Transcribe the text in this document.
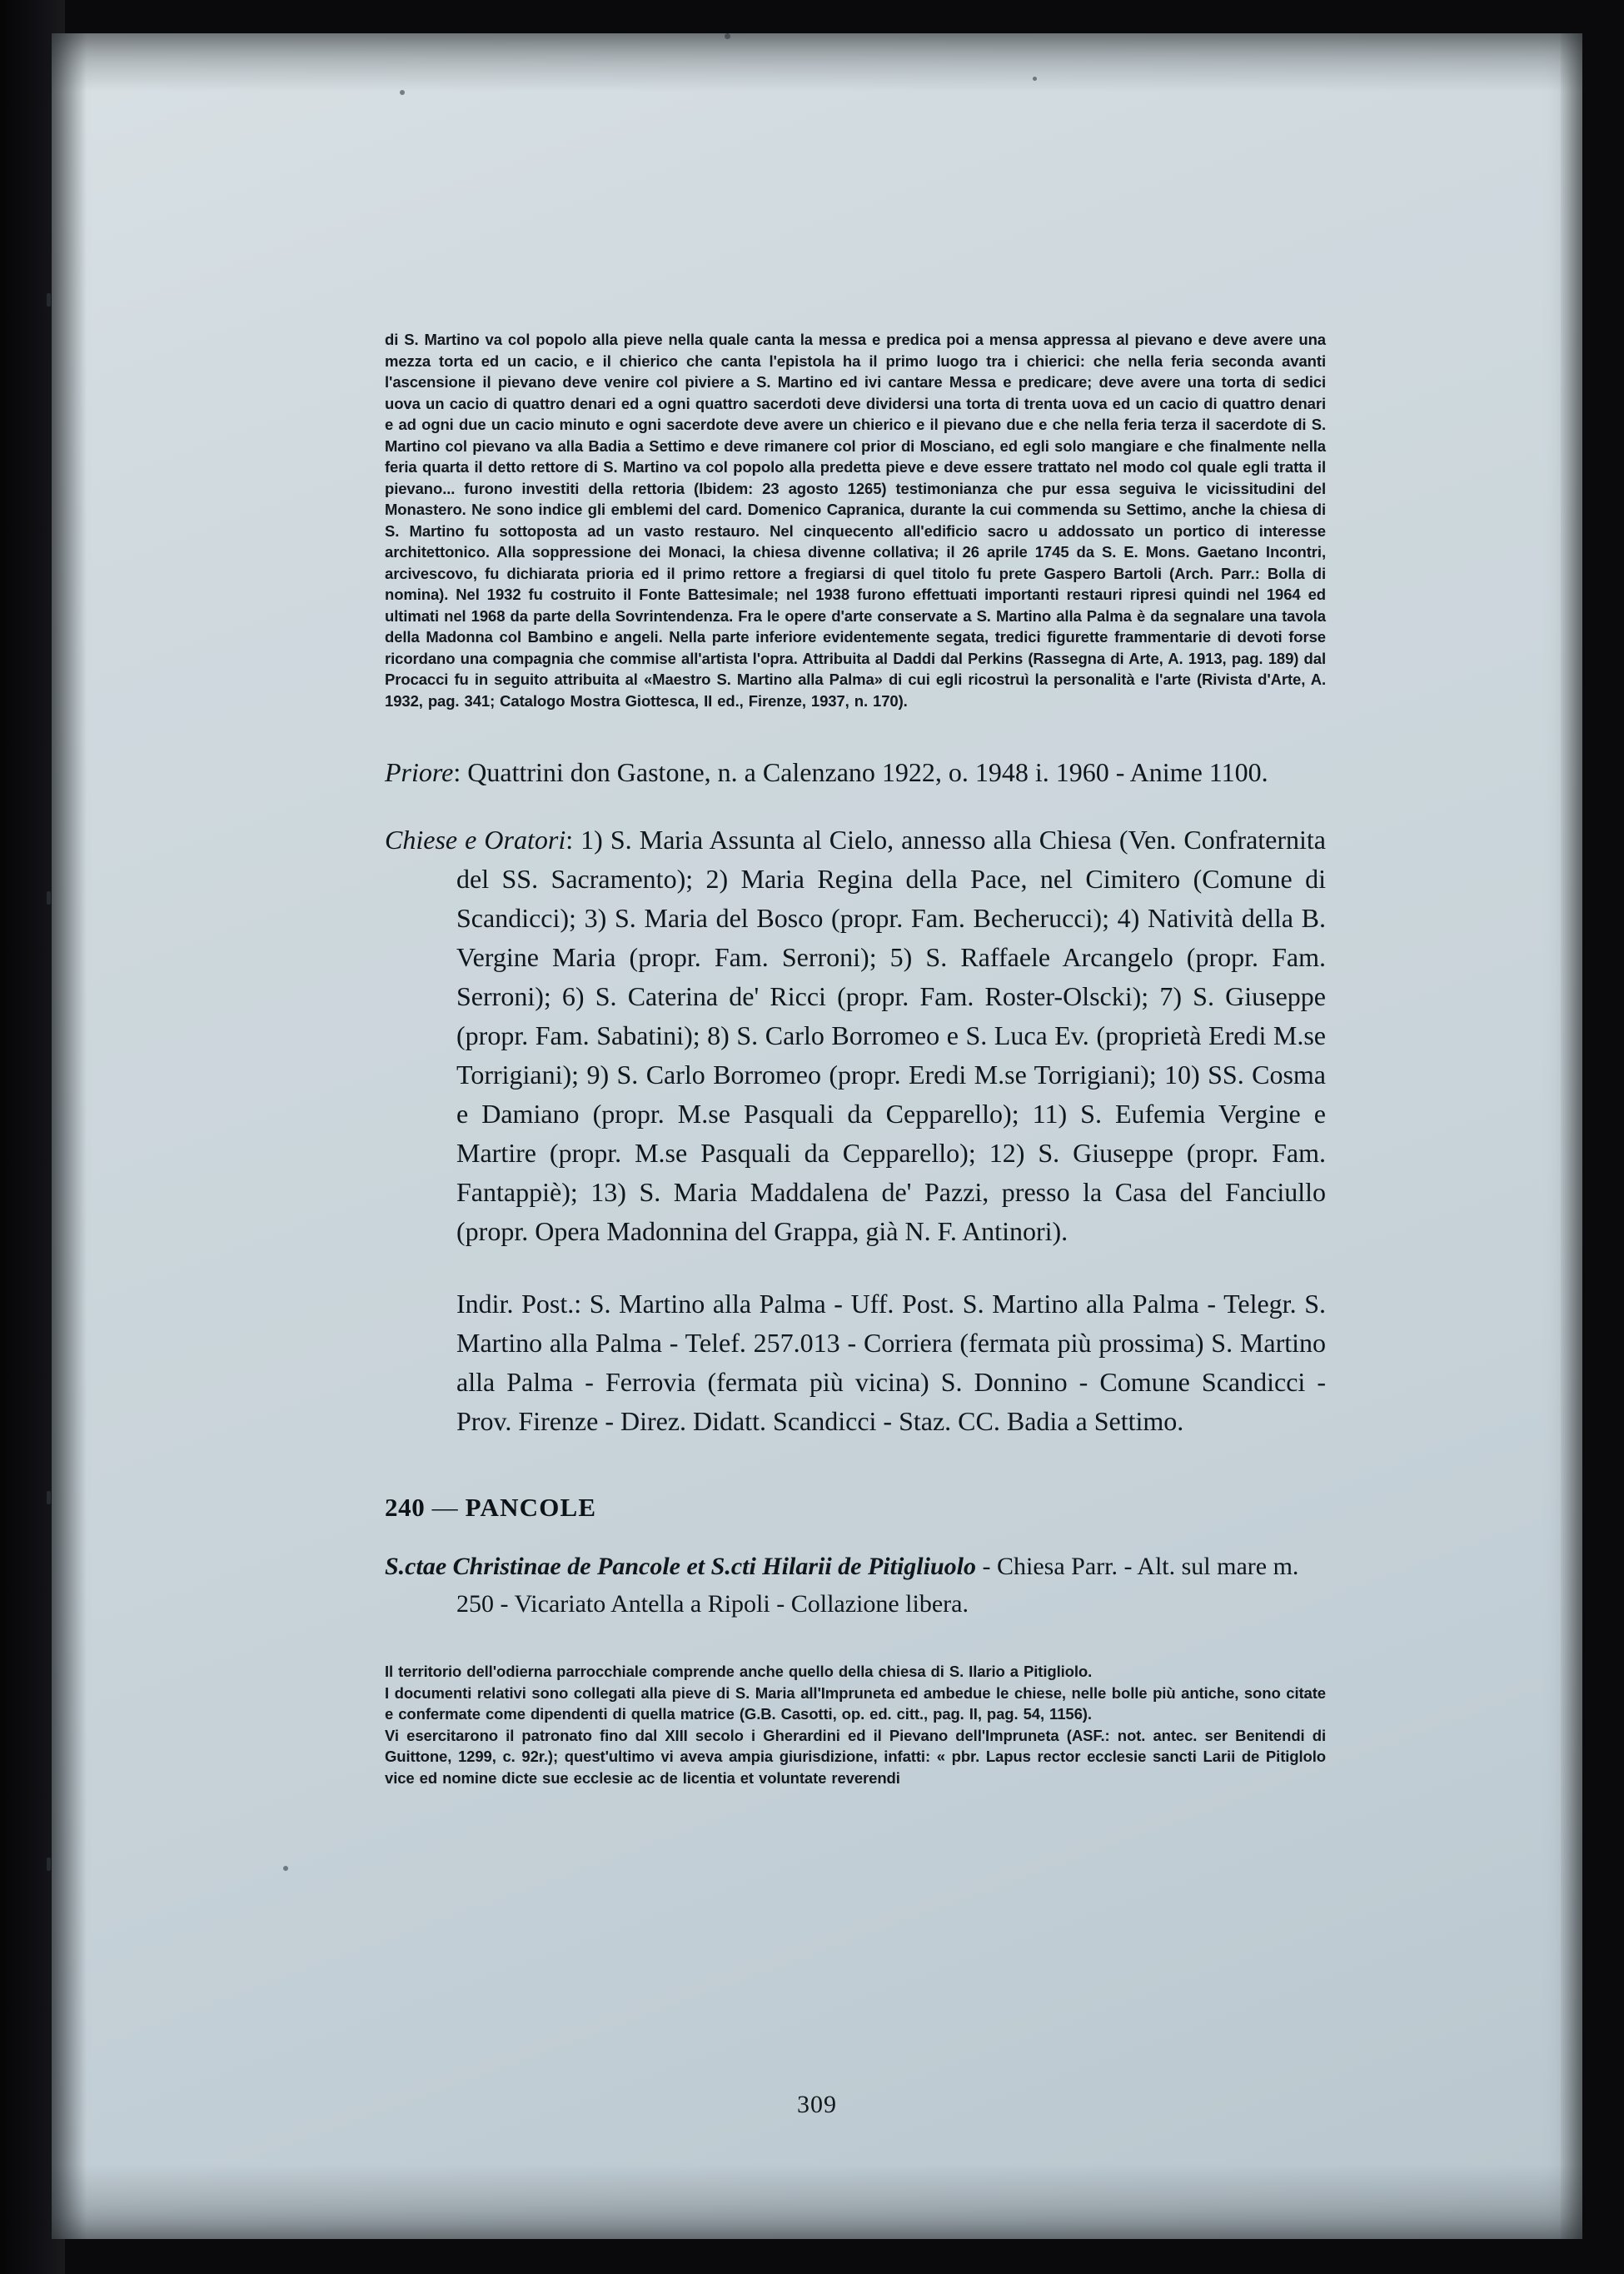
di S. Martino va col popolo alla pieve nella quale canta la messa e predica poi a mensa appressa al pievano e deve avere una mezza torta ed un cacio, e il chierico che canta l'epistola ha il primo luogo tra i chierici: che nella feria seconda avanti l'ascensione il pievano deve venire col piviere a S. Martino ed ivi cantare Messa e predicare; deve avere una torta di sedici uova un cacio di quattro denari ed a ogni quattro sacerdoti deve dividersi una torta di trenta uova ed un cacio di quattro denari e ad ogni due un cacio minuto e ogni sacerdote deve avere un chierico e il pievano due e che nella feria terza il sacerdote di S. Martino col pievano va alla Badia a Settimo e deve rimanere col prior di Mosciano, ed egli solo mangiare e che finalmente nella feria quarta il detto rettore di S. Martino va col popolo alla predetta pieve e deve essere trattato nel modo col quale egli tratta il pievano... furono investiti della rettoria (Ibidem: 23 agosto 1265) testimonianza che pur essa seguiva le vicissitudini del Monastero. Ne sono indice gli emblemi del card. Domenico Capranica, durante la cui commenda su Settimo, anche la chiesa di S. Martino fu sottoposta ad un vasto restauro. Nel cinquecento all'edificio sacro u addossato un portico di interesse architettonico. Alla soppressione dei Monaci, la chiesa divenne collativa; il 26 aprile 1745 da S. E. Mons. Gaetano Incontri, arcivescovo, fu dichiarata prioria ed il primo rettore a fregiarsi di quel titolo fu prete Gaspero Bartoli (Arch. Parr.: Bolla di nomina). Nel 1932 fu costruito il Fonte Battesimale; nel 1938 furono effettuati importanti restauri ripresi quindi nel 1964 ed ultimati nel 1968 da parte della Sovrintendenza. Fra le opere d'arte conservate a S. Martino alla Palma è da segnalare una tavola della Madonna col Bambino e angeli. Nella parte inferiore evidentemente segata, tredici figurette frammentarie di devoti forse ricordano una compagnia che commise all'artista l'opra. Attribuita al Daddi dal Perkins (Rassegna di Arte, A. 1913, pag. 189) dal Procacci fu in seguito attribuita al «Maestro S. Martino alla Palma» di cui egli ricostruì la personalità e l'arte (Rivista d'Arte, A. 1932, pag. 341; Catalogo Mostra Giottesca, II ed., Firenze, 1937, n. 170).

Priore: Quattrini don Gastone, n. a Calenzano 1922, o. 1948 i. 1960 - Anime 1100.
Chiese e Oratori: 1) S. Maria Assunta al Cielo, annesso alla Chiesa (Ven. Confraternita del SS. Sacramento); 2) Maria Regina della Pace, nel Cimitero (Comune di Scandicci); 3) S. Maria del Bosco (propr. Fam. Becherucci); 4) Natività della B. Vergine Maria (propr. Fam. Serroni); 5) S. Raffaele Arcangelo (propr. Fam. Serroni); 6) S. Caterina de' Ricci (propr. Fam. Roster-Olscki); 7) S. Giuseppe (propr. Fam. Sabatini); 8) S. Carlo Borromeo e S. Luca Ev. (proprietà Eredi M.se Torrigiani); 9) S. Carlo Borromeo (propr. Eredi M.se Torrigiani); 10) SS. Cosma e Damiano (propr. M.se Pasquali da Cepparello); 11) S. Eufemia Vergine e Martire (propr. M.se Pasquali da Cepparello); 12) S. Giuseppe (propr. Fam. Fantappiè); 13) S. Maria Maddalena de' Pazzi, presso la Casa del Fanciullo (propr. Opera Madonnina del Grappa, già N. F. Antinori).
Indir. Post.: S. Martino alla Palma - Uff. Post. S. Martino alla Palma - Telegr. S. Martino alla Palma - Telef. 257.013 - Corriera (fermata più prossima) S. Martino alla Palma - Ferrovia (fermata più vicina) S. Donnino - Comune Scandicci - Prov. Firenze - Direz. Didatt. Scandicci - Staz. CC. Badia a Settimo.
240 — PANCOLE
S.ctae Christinae de Pancole et S.cti Hilarii de Pitigliuolo - Chiesa Parr. - Alt. sul mare m. 250 - Vicariato Antella a Ripoli - Collazione libera.

Il territorio dell'odierna parrocchiale comprende anche quello della chiesa di S. Ilario a Pitigliolo.

I documenti relativi sono collegati alla pieve di S. Maria all'Impruneta ed ambedue le chiese, nelle bolle più antiche, sono citate e confermate come dipendenti di quella matrice (G.B. Casotti, op. ed. citt., pag. II, pag. 54, 1156).

Vi esercitarono il patronato fino dal XIII secolo i Gherardini ed il Pievano dell'Impruneta (ASF.: not. antec. ser Benitendi di Guittone, 1299, c. 92r.); quest'ultimo vi aveva ampia giurisdizione, infatti: « pbr. Lapus rector ecclesie sancti Larii de Pitiglolo vice ed nomine dicte sue ecclesie ac de licentia et voluntate reverendi

309
